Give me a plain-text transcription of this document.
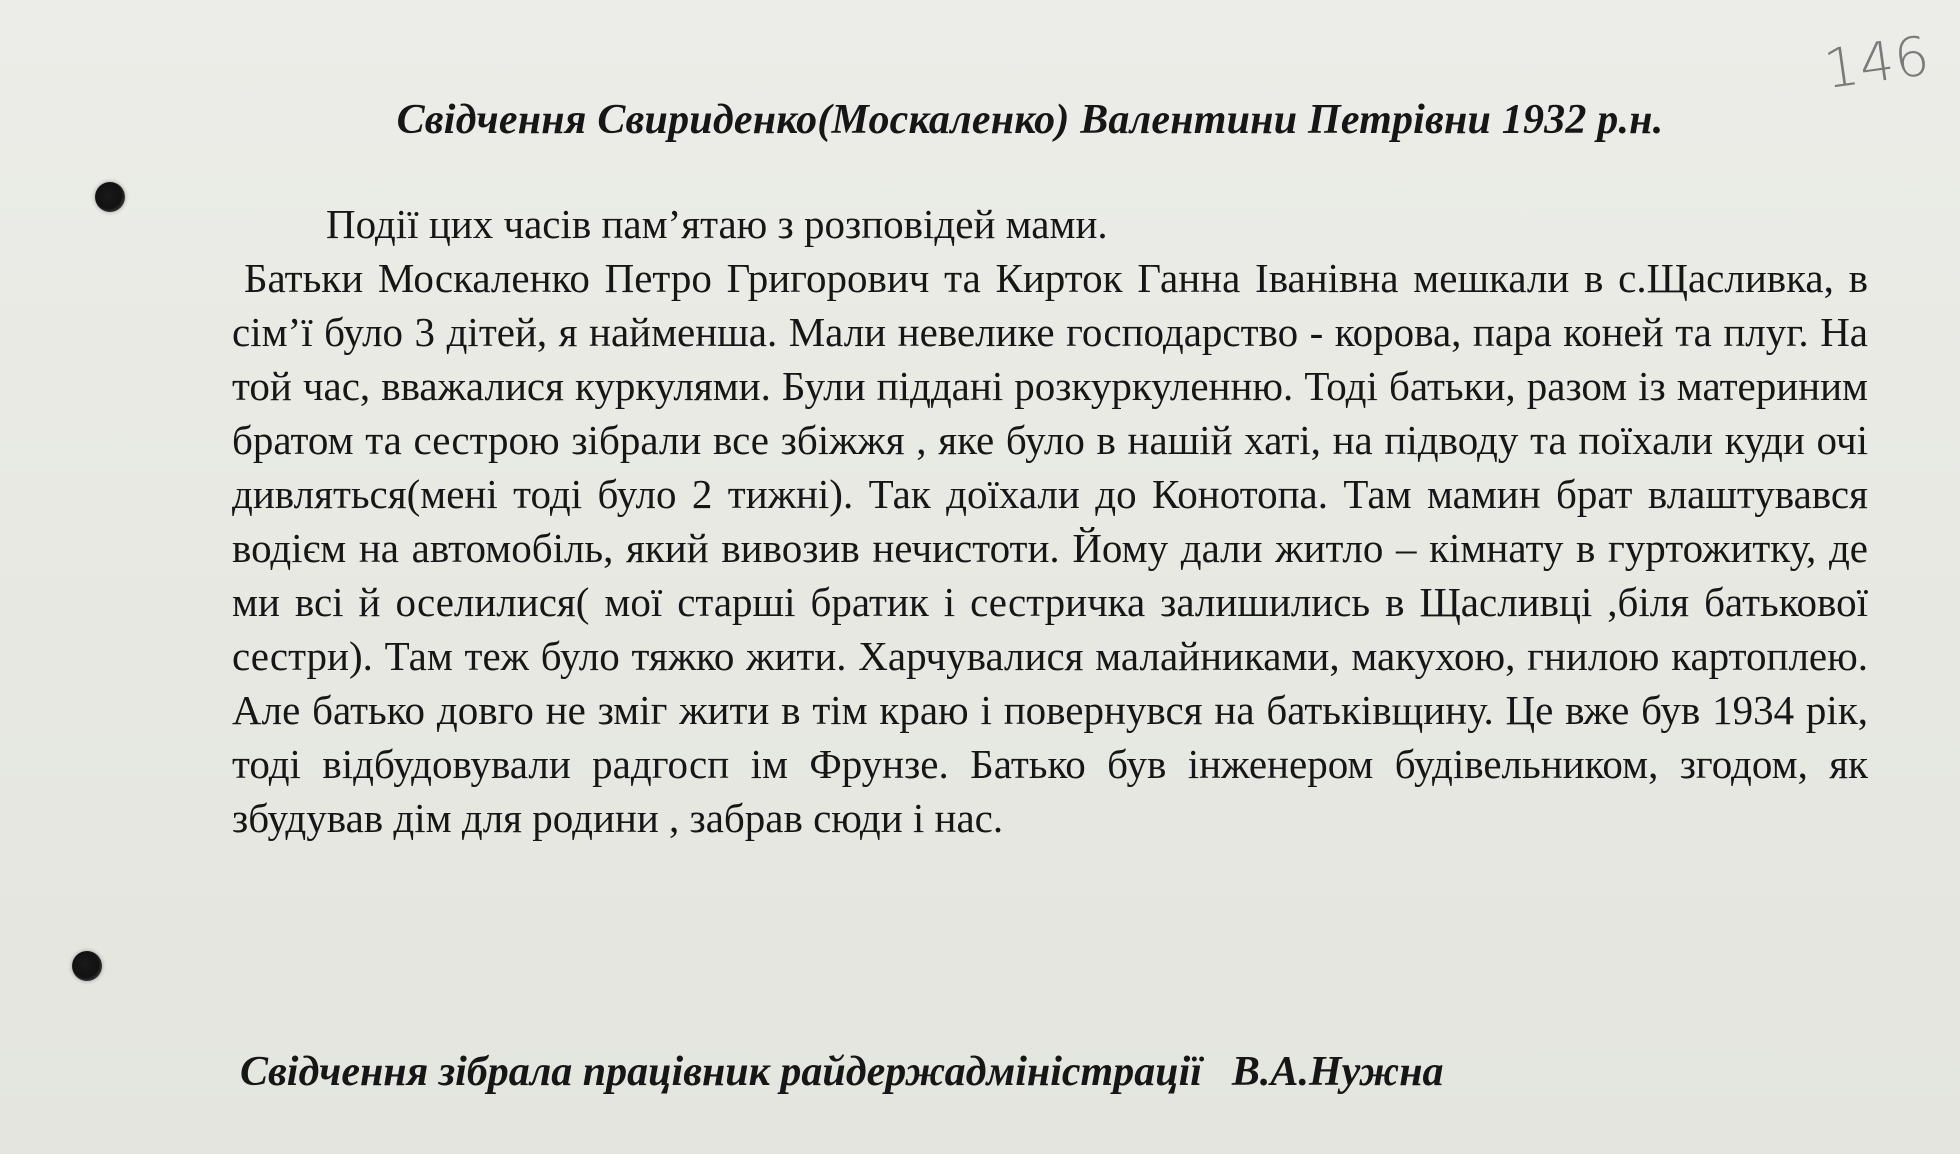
146
Свідчення Свириденко(Москаленко) Валентини Петрівни 1932 р.н.

Події цих часів пам’ятаю з розповідей мами.

Батьки Москаленко Петро Григорович та Кирток Ганна Іванівна мешкали в с.Щасливка, в сім’ї було 3 дітей, я найменша. Мали невелике господарство - корова, пара коней та плуг. На той час, вважалися куркулями. Були піддані розкуркуленню. Тоді батьки, разом із материним братом та сестрою зібрали все збіжжя , яке було в нашій хаті, на підводу та поїхали куди очі дивляться(мені тоді було 2 тижні). Так доїхали до Конотопа. Там мамин брат влаштувався водієм на автомобіль, який вивозив нечистоти. Йому дали житло – кімнату в гуртожитку, де ми всі й оселилися( мої старші братик і сестричка залишились в Щасливці ,біля батькової сестри). Там теж було тяжко жити. Харчувалися малайниками, макухою, гнилою картоплею. Але батько довго не зміг жити в тім краю і повернувся на батьківщину. Це вже був 1934 рік, тоді відбудовували радгосп ім Фрунзе. Батько був інженером будівельником, згодом, як збудував дім для родини , забрав сюди і нас.

Свідчення зібрала працівник райдержадміністрації В.А.Нужна
